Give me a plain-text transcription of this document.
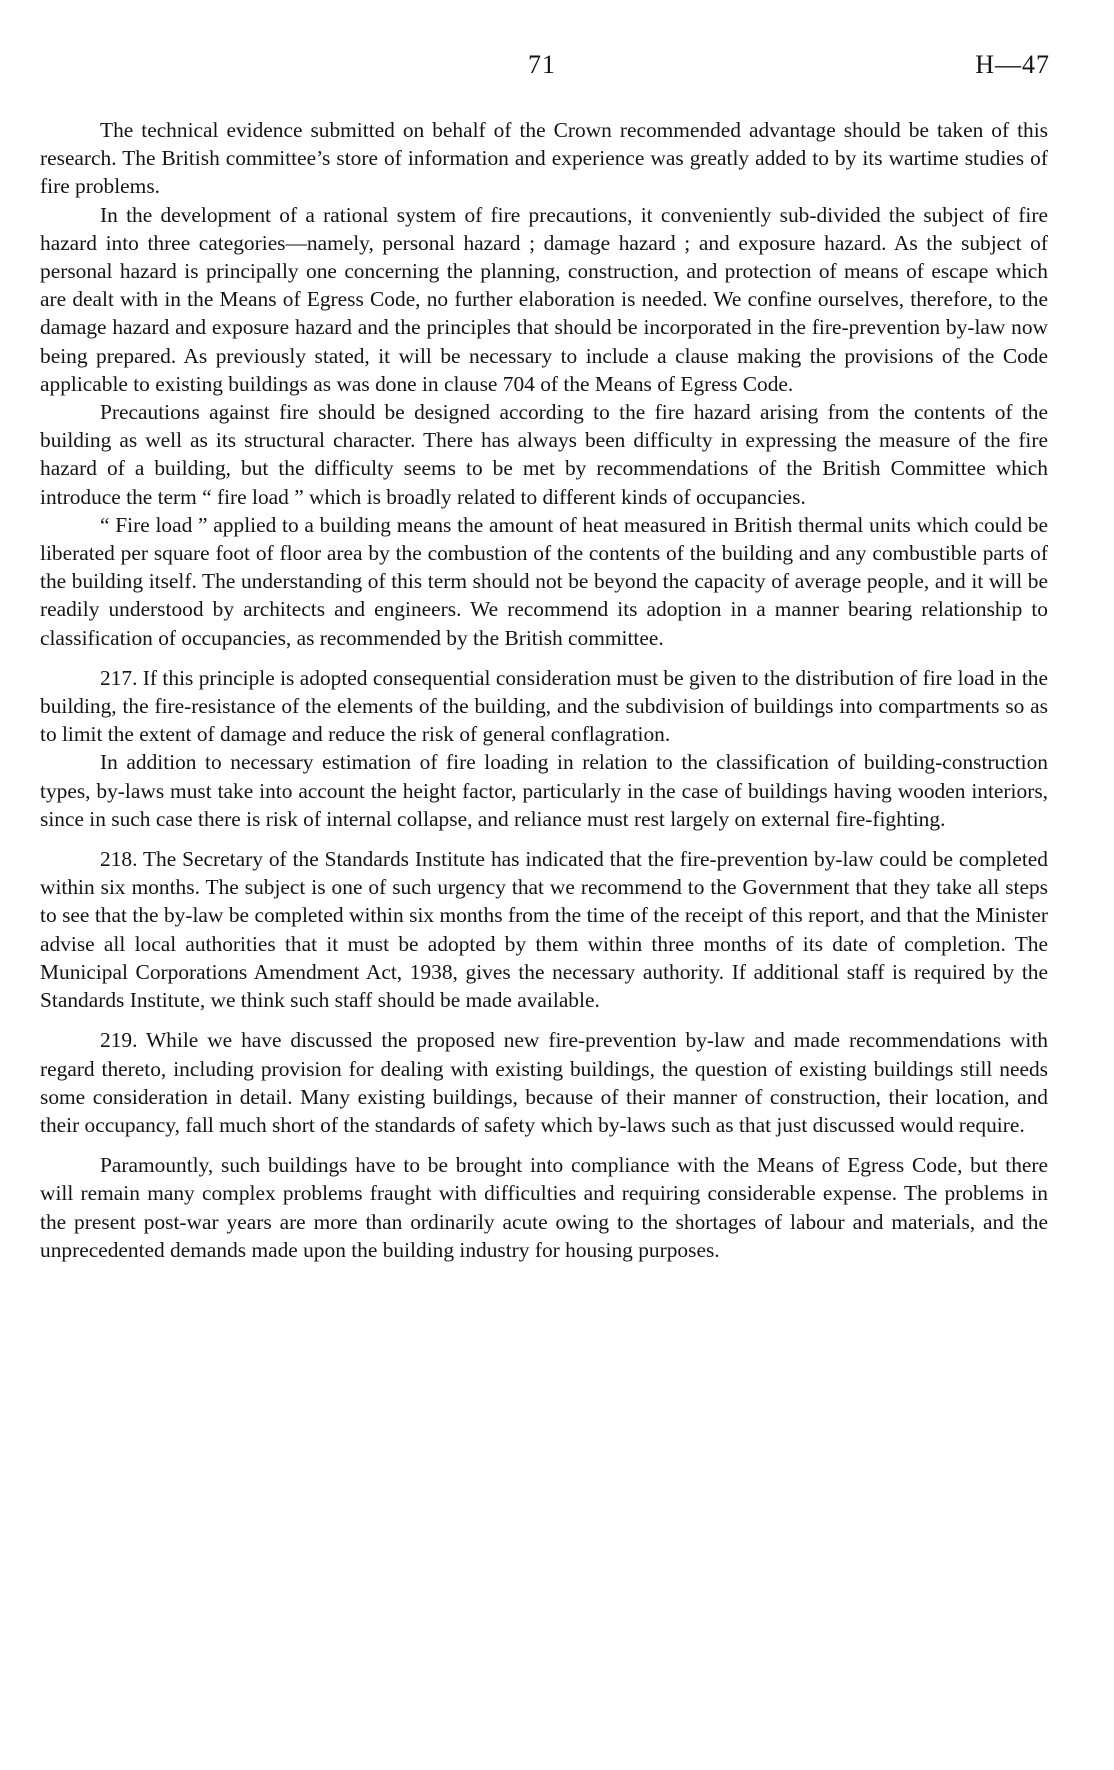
71	H—47

The technical evidence submitted on behalf of the Crown recommended advantage should be taken of this research. The British committee’s store of information and experience was greatly added to by its wartime studies of fire problems.

In the development of a rational system of fire precautions, it conveniently sub-divided the subject of fire hazard into three categories—namely, personal hazard ; damage hazard ; and exposure hazard. As the subject of personal hazard is principally one concerning the planning, construction, and protection of means of escape which are dealt with in the Means of Egress Code, no further elaboration is needed. We confine ourselves, therefore, to the damage hazard and exposure hazard and the principles that should be incorporated in the fire-prevention by-law now being prepared. As previously stated, it will be necessary to include a clause making the provisions of the Code applicable to existing buildings as was done in clause 704 of the Means of Egress Code.

Precautions against fire should be designed according to the fire hazard arising from the contents of the building as well as its structural character. There has always been difficulty in expressing the measure of the fire hazard of a building, but the difficulty seems to be met by recommendations of the British Committee which introduce the term “ fire load ” which is broadly related to different kinds of occupancies.

“ Fire load ” applied to a building means the amount of heat measured in British thermal units which could be liberated per square foot of floor area by the combustion of the contents of the building and any combustible parts of the building itself. The understanding of this term should not be beyond the capacity of average people, and it will be readily understood by architects and engineers. We recommend its adoption in a manner bearing relationship to classification of occupancies, as recommended by the British committee.

217. If this principle is adopted consequential consideration must be given to the distribution of fire load in the building, the fire-resistance of the elements of the building, and the subdivision of buildings into compartments so as to limit the extent of damage and reduce the risk of general conflagration.

In addition to necessary estimation of fire loading in relation to the classification of building-construction types, by-laws must take into account the height factor, particularly in the case of buildings having wooden interiors, since in such case there is risk of internal collapse, and reliance must rest largely on external fire-fighting.

218. The Secretary of the Standards Institute has indicated that the fire-prevention by-law could be completed within six months. The subject is one of such urgency that we recommend to the Government that they take all steps to see that the by-law be completed within six months from the time of the receipt of this report, and that the Minister advise all local authorities that it must be adopted by them within three months of its date of completion. The Municipal Corporations Amendment Act, 1938, gives the necessary authority. If additional staff is required by the Standards Institute, we think such staff should be made available.

219. While we have discussed the proposed new fire-prevention by-law and made recommendations with regard thereto, including provision for dealing with existing buildings, the question of existing buildings still needs some consideration in detail. Many existing buildings, because of their manner of construction, their location, and their occupancy, fall much short of the standards of safety which by-laws such as that just discussed would require.

Paramountly, such buildings have to be brought into compliance with the Means of Egress Code, but there will remain many complex problems fraught with difficulties and requiring considerable expense. The problems in the present post-war years are more than ordinarily acute owing to the shortages of labour and materials, and the unprecedented demands made upon the building industry for housing purposes.
